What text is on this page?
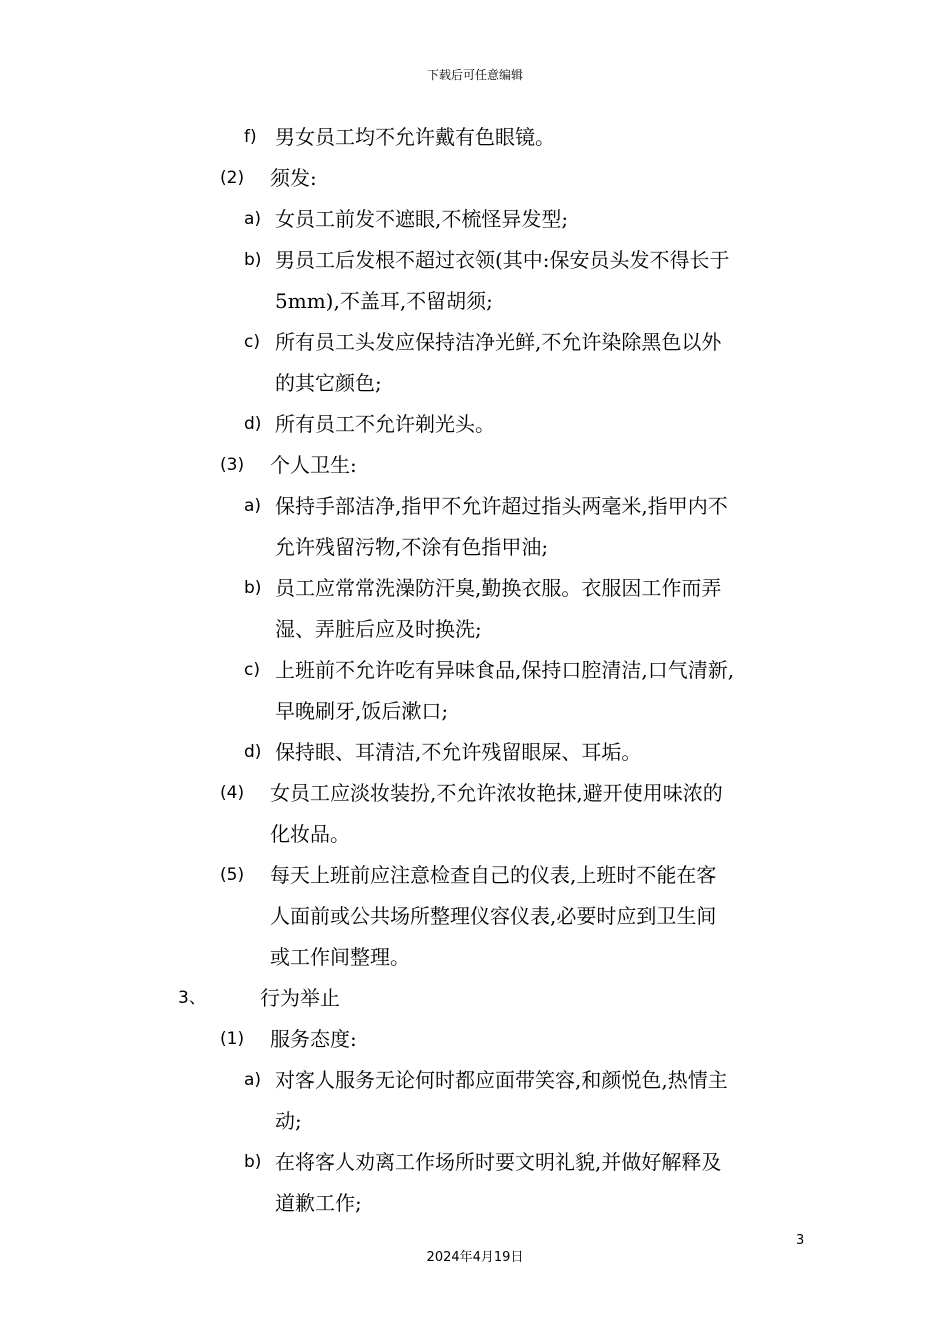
下载后可任意编辑
f) 男女员工均不允许戴有色眼镜。
(2) 须发:
a) 女员工前发不遮眼,不梳怪异发型;
b) 男员工后发根不超过衣领(其中:保安员头发不得长于
5mm),不盖耳,不留胡须;
c) 所有员工头发应保持洁净光鲜,不允许染除黑色以外
的其它颜色;
d) 所有员工不允许剃光头。
(3) 个人卫生:
a) 保持手部洁净,指甲不允许超过指头两毫米,指甲内不
允许残留污物,不涂有色指甲油;
b) 员工应常常洗澡防汗臭,勤换衣服。衣服因工作而弄
湿、弄脏后应及时换洗;
c) 上班前不允许吃有异味食品,保持口腔清洁,口气清新,
早晚刷牙,饭后漱口;
d) 保持眼、耳清洁,不允许残留眼屎、耳垢。
(4) 女员工应淡妆装扮,不允许浓妆艳抹,避开使用味浓的
化妆品。
(5) 每天上班前应注意检查自己的仪表,上班时不能在客
人面前或公共场所整理仪容仪表,必要时应到卫生间
或工作间整理。
3、	行为举止
(1) 服务态度:
a) 对客人服务无论何时都应面带笑容,和颜悦色,热情主
动;
b) 在将客人劝离工作场所时要文明礼貌,并做好解释及
道歉工作;
3
2024年4月19日
